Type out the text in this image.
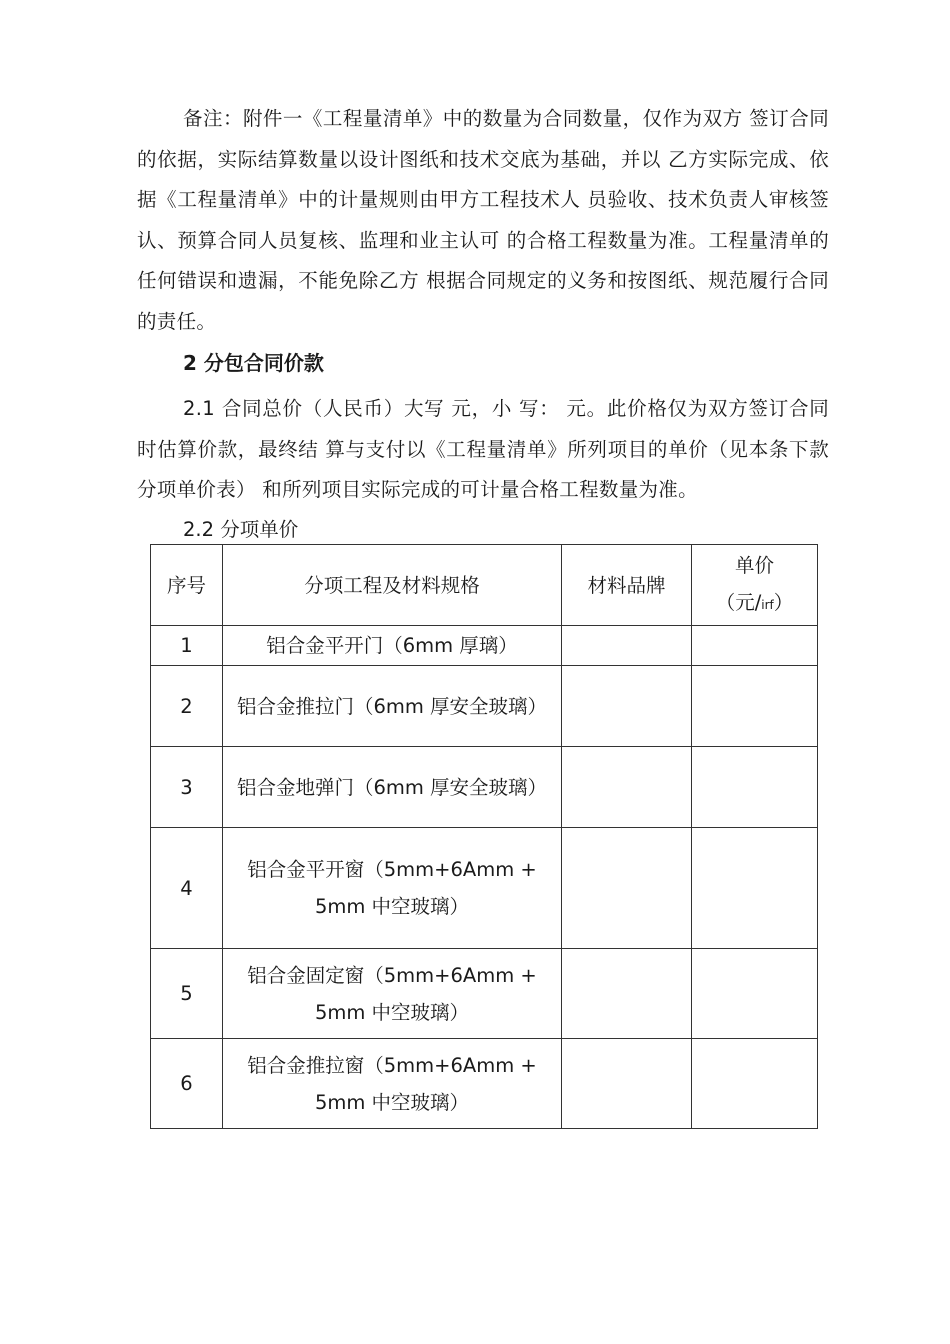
备注：附件一《工程量清单》中的数量为合同数量，仅作为双方 签订合同的依据，实际结算数量以设计图纸和技术交底为基础，并以 乙方实际完成、依据《工程量清单》中的计量规则由甲方工程技术人 员验收、技术负责人审核签认、预算合同人员复核、监理和业主认可 的合格工程数量为准。工程量清单的任何错误和遗漏，不能免除乙方 根据合同规定的义务和按图纸、规范履行合同的责任。

2 分包合同价款

2.1 合同总价（人民币）大写 元，小 写： 元。此价格仅为双方签订合同时估算价款，最终结 算与支付以《工程量清单》所列项目的单价（见本条下款分项单价表） 和所列项目实际完成的可计量合格工程数量为准。

2.2 分项单价
序号	分项工程及材料规格	材料品牌	单价
（元/irf）

1	铝合金平开门（6mm 厚璃）		
2	铝合金推拉门（6mm 厚安全玻璃）		
3	铝合金地弹门（6mm 厚安全玻璃）		
4	铝合金平开窗（5mm+6Amm + 5mm 中空玻璃）		
5	铝合金固定窗（5mm+6Amm + 5mm 中空玻璃）		
6	铝合金推拉窗（5mm+6Amm + 5mm 中空玻璃）		
